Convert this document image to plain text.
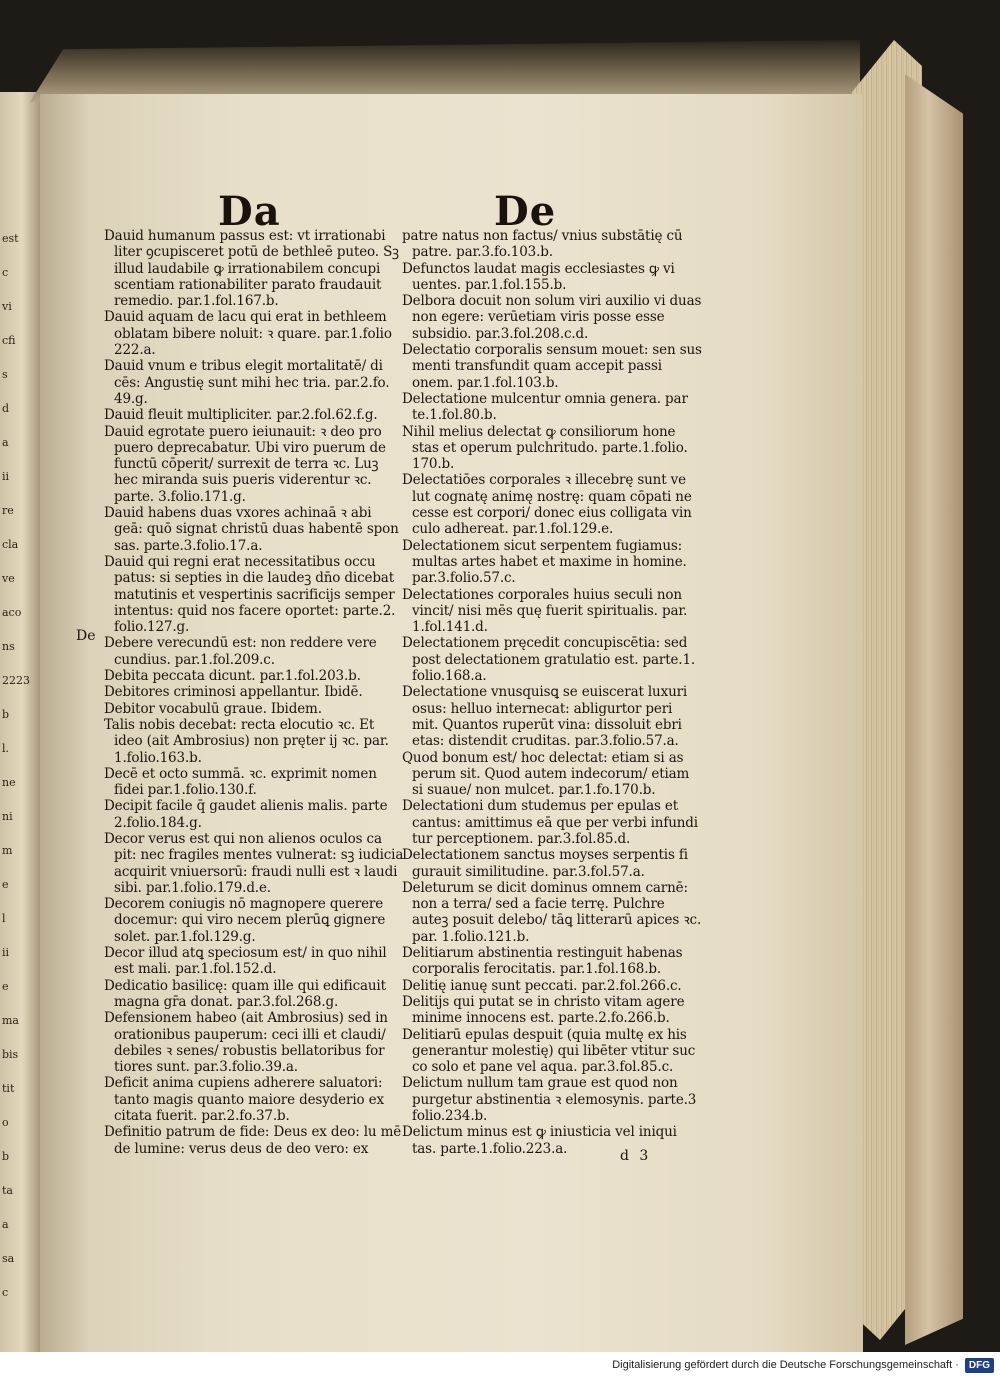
est
c
vi
cfi
s
d
a
ii
re
cla
ve
aco
ns
2223
b
l.
ne
ni
m
e
l
ii
e
ma
bis
tit
o
b
ta
a
sa
c
Da	De
De

Dauid humanum passus est: vt irrationabi liter ꝯcupisceret potū de bethleē puteo. Sꝫ illud laudabile ꝙ irrationabilem concupi scentiam rationabiliter parato fraudauit remedio. par.1.fol.167.b.

Dauid aquam de lacu qui erat in bethleem oblatam bibere noluit: ꝛ quare. par.1.folio 222.a.

Dauid vnum e tribus elegit mortalitatē/ di cēs: Angustię sunt mihi hec tria. par.2.fo. 49.g.

Dauid fleuit multipliciter. par.2.fol.62.f.g.

Dauid egrotate puero ieiunauit: ꝛ deo pro puero deprecabatur. Ubi viro puerum de functū cōperit/ surrexit de terra ꝛc. Luꝫ hec miranda suis pueris viderentur ꝛc. parte. 3.folio.171.g.

Dauid habens duas vxores achinaā ꝛ abi geā: quō signat christū duas habentē spon sas. parte.3.folio.17.a.

Dauid qui regni erat necessitatibus occu patus: si septies in die laudeꝫ dn̄o dicebat matutinis et vespertinis sacrificijs semper intentus: quid nos facere oportet: parte.2. folio.127.g.

Debere verecundū est: non reddere vere cundius. par.1.fol.209.c.

Debita peccata dicunt. par.1.fol.203.b.

Debitores criminosi appellantur. Ibidē.

Debitor vocabulū graue. Ibidem.

Talis nobis decebat: recta elocutio ꝛc. Et ideo (ait Ambrosius) non pręter ij ꝛc. par. 1.folio.163.b.

Decē et octo summā. ꝛc. exprimit nomen fidei par.1.folio.130.f.

Decipit facile q̄ gaudet alienis malis. parte 2.folio.184.g.

Decor verus est qui non alienos oculos ca pit: nec fragiles mentes vulnerat: sꝫ iudicia acquirit vniuersorū: fraudi nulli est ꝛ laudi sibi. par.1.folio.179.d.e.

Decorem coniugis nō magnopere querere docemur: qui viro necem plerūꝗ gignere solet. par.1.fol.129.g.

Decor illud atꝗ speciosum est/ in quo nihil est mali. par.1.fol.152.d.

Dedicatio basilicę: quam ille qui edificauit magna gr̄a donat. par.3.fol.268.g.

Defensionem habeo (ait Ambrosius) sed in orationibus pauperum: ceci illi et claudi/ debiles ꝛ senes/ robustis bellatoribus for tiores sunt. par.3.folio.39.a.

Deficit anima cupiens adherere saluatori: tanto magis quanto maiore desyderio ex citata fuerit. par.2.fo.37.b.

Definitio patrum de fide: Deus ex deo: lu mē de lumine: verus deus de deo vero: ex

patre natus non factus/ vnius substātię cū patre. par.3.fo.103.b.

Defunctos laudat magis ecclesiastes ꝙ vi uentes. par.1.fol.155.b.

Delbora docuit non solum viri auxilio vi duas non egere: verūetiam viris posse esse subsidio. par.3.fol.208.c.d.

Delectatio corporalis sensum mouet: sen sus menti transfundit quam accepit passi onem. par.1.fol.103.b.

Delectatione mulcentur omnia genera. par te.1.fol.80.b.

Nihil melius delectat ꝙ consiliorum hone stas et operum pulchritudo. parte.1.folio. 170.b.

Delectatiōes corporales ꝛ illecebrę sunt ve lut cognatę animę nostrę: quam cōpati ne cesse est corpori/ donec eius colligata vin culo adhereat. par.1.fol.129.e.

Delectationem sicut serpentem fugiamus: multas artes habet et maxime in homine. par.3.folio.57.c.

Delectationes corporales huius seculi non vincit/ nisi mēs quę fuerit spiritualis. par. 1.fol.141.d.

Delectationem pręcedit concupiscētia: sed post delectationem gratulatio est. parte.1. folio.168.a.

Delectatione vnusquisꝗ se euiscerat luxuri osus: helluo internecat: abligurtor peri mit. Quantos ruperūt vina: dissoluit ebri etas: distendit cruditas. par.3.folio.57.a.

Quod bonum est/ hoc delectat: etiam si as perum sit. Quod autem indecorum/ etiam si suaue/ non mulcet. par.1.fo.170.b.

Delectationi dum studemus per epulas et cantus: amittimus eā que per verbi infundi tur perceptionem. par.3.fol.85.d.

Delectationem sanctus moyses serpentis fi gurauit similitudine. par.3.fol.57.a.

Deleturum se dicit dominus omnem carnē: non a terra/ sed a facie terrę. Pulchre auteꝫ posuit delebo/ tāꝗ litterarū apices ꝛc. par. 1.folio.121.b.

Delitiarum abstinentia restinguit habenas corporalis ferocitatis. par.1.fol.168.b.

Delitię ianuę sunt peccati. par.2.fol.266.c.

Delitijs qui putat se in christo vitam agere minime innocens est. parte.2.fo.266.b.

Delitiarū epulas despuit (quia multę ex his generantur molestię) qui libēter vtitur suc co solo et pane vel aqua. par.3.fol.85.c.

Delictum nullum tam graue est quod non purgetur abstinentia ꝛ elemosynis. parte.3 folio.234.b.

Delictum minus est ꝙ iniusticia vel iniqui tas. parte.1.folio.223.a.	d 3
Digitalisierung gefördert durch die Deutsche Forschungsgemeinschaft ·	DFG
